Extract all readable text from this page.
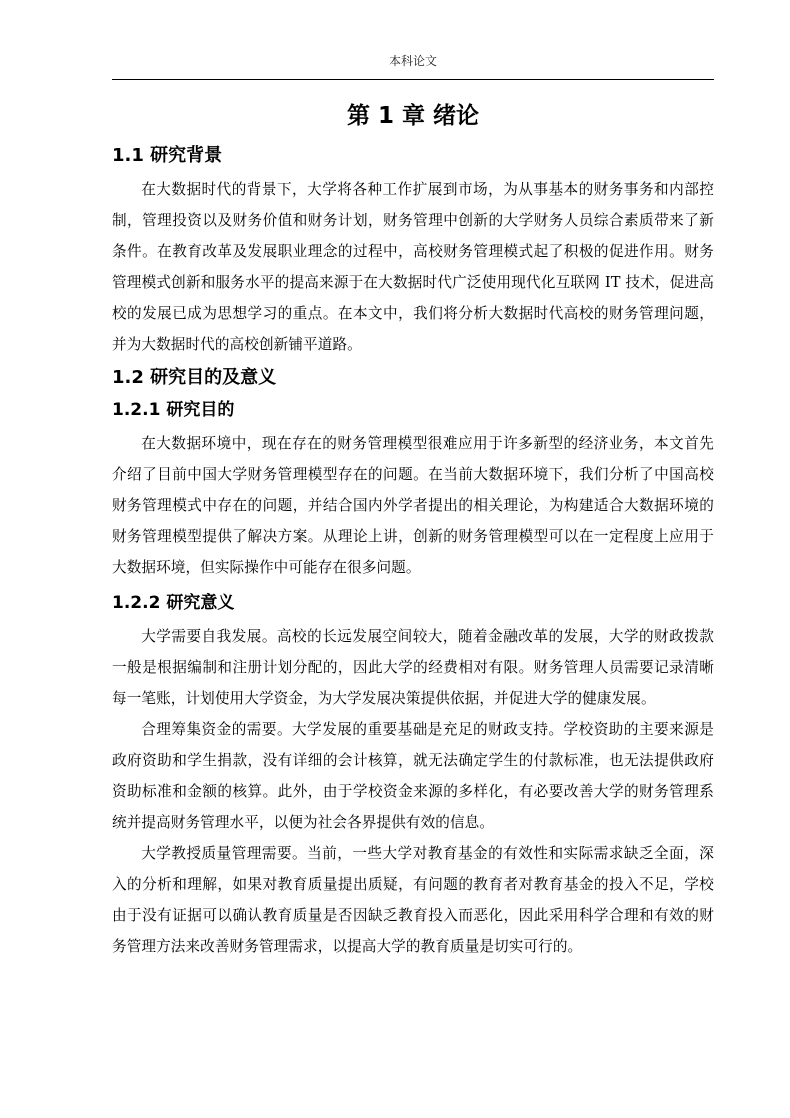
本科论文
第 1 章 绪论
1.1 研究背景

在大数据时代的背景下，大学将各种工作扩展到市场，为从事基本的财务事务和内部控制，管理投资以及财务价值和财务计划，财务管理中创新的大学财务人员综合素质带来了新条件。在教育改革及发展职业理念的过程中，高校财务管理模式起了积极的促进作用。财务管理模式创新和服务水平的提高来源于在大数据时代广泛使用现代化互联网 IT 技术，促进高校的发展已成为思想学习的重点。在本文中，我们将分析大数据时代高校的财务管理问题，并为大数据时代的高校创新铺平道路。

1.2 研究目的及意义
1.2.1 研究目的

在大数据环境中，现在存在的财务管理模型很难应用于许多新型的经济业务，本文首先介绍了目前中国大学财务管理模型存在的问题。在当前大数据环境下，我们分析了中国高校财务管理模式中存在的问题，并结合国内外学者提出的相关理论，为构建适合大数据环境的财务管理模型提供了解决方案。从理论上讲，创新的财务管理模型可以在一定程度上应用于大数据环境，但实际操作中可能存在很多问题。

1.2.2 研究意义

大学需要自我发展。高校的长远发展空间较大，随着金融改革的发展，大学的财政拨款一般是根据编制和注册计划分配的，因此大学的经费相对有限。财务管理人员需要记录清晰每一笔账，计划使用大学资金，为大学发展决策提供依据，并促进大学的健康发展。

合理筹集资金的需要。大学发展的重要基础是充足的财政支持。学校资助的主要来源是政府资助和学生捐款，没有详细的会计核算，就无法确定学生的付款标准，也无法提供政府资助标准和金额的核算。此外，由于学校资金来源的多样化，有必要改善大学的财务管理系统并提高财务管理水平，以便为社会各界提供有效的信息。

大学教授质量管理需要。当前，一些大学对教育基金的有效性和实际需求缺乏全面，深入的分析和理解，如果对教育质量提出质疑，有问题的教育者对教育基金的投入不足，学校由于没有证据可以确认教育质量是否因缺乏教育投入而恶化，因此采用科学合理和有效的财务管理方法来改善财务管理需求，以提高大学的教育质量是切实可行的。
